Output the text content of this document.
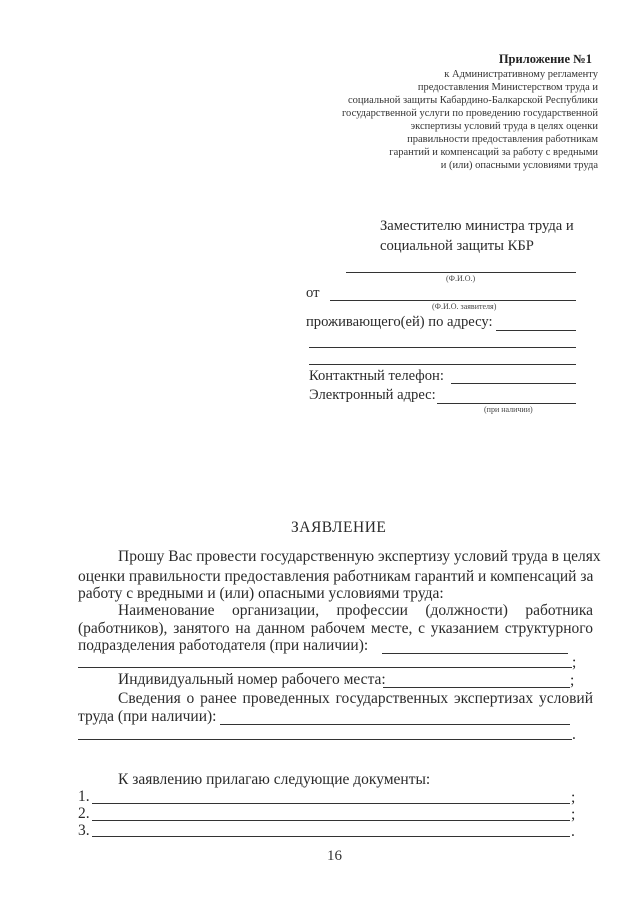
Приложение №1
к Административному регламенту
предоставления Министерством труда и
социальной защиты Кабардино-Балкарской Республики
государственной услуги по проведению государственной
экспертизы условий труда в целях оценки
правильности предоставления работникам
гарантий и компенсаций за работу с вредными
и (или) опасными условиями труда
Заместителю министра труда и
социальной защиты КБР
(Ф.И.О.)
от
(Ф.И.О. заявителя)
проживающего(ей) по адресу:
Контактный телефон:
Электронный адрес:
(при наличии)
ЗАЯВЛЕНИЕ
Прошу Вас провести государственную экспертизу условий труда в целях
оценки правильности предоставления работникам гарантий и компенсаций за
работу с вредными и (или) опасными условиями труда:
Наименование организации, профессии (должности) работника
(работников), занятого на данном рабочем месте, с указанием структурного
подразделения работодателя (при наличии):
;
Индивидуальный номер рабочего места:	;
Сведения о ранее проведенных государственных экспертизах условий
труда (при наличии):
.
К заявлению прилагаю следующие документы:
1.	;
2.	;
3.	.
16
